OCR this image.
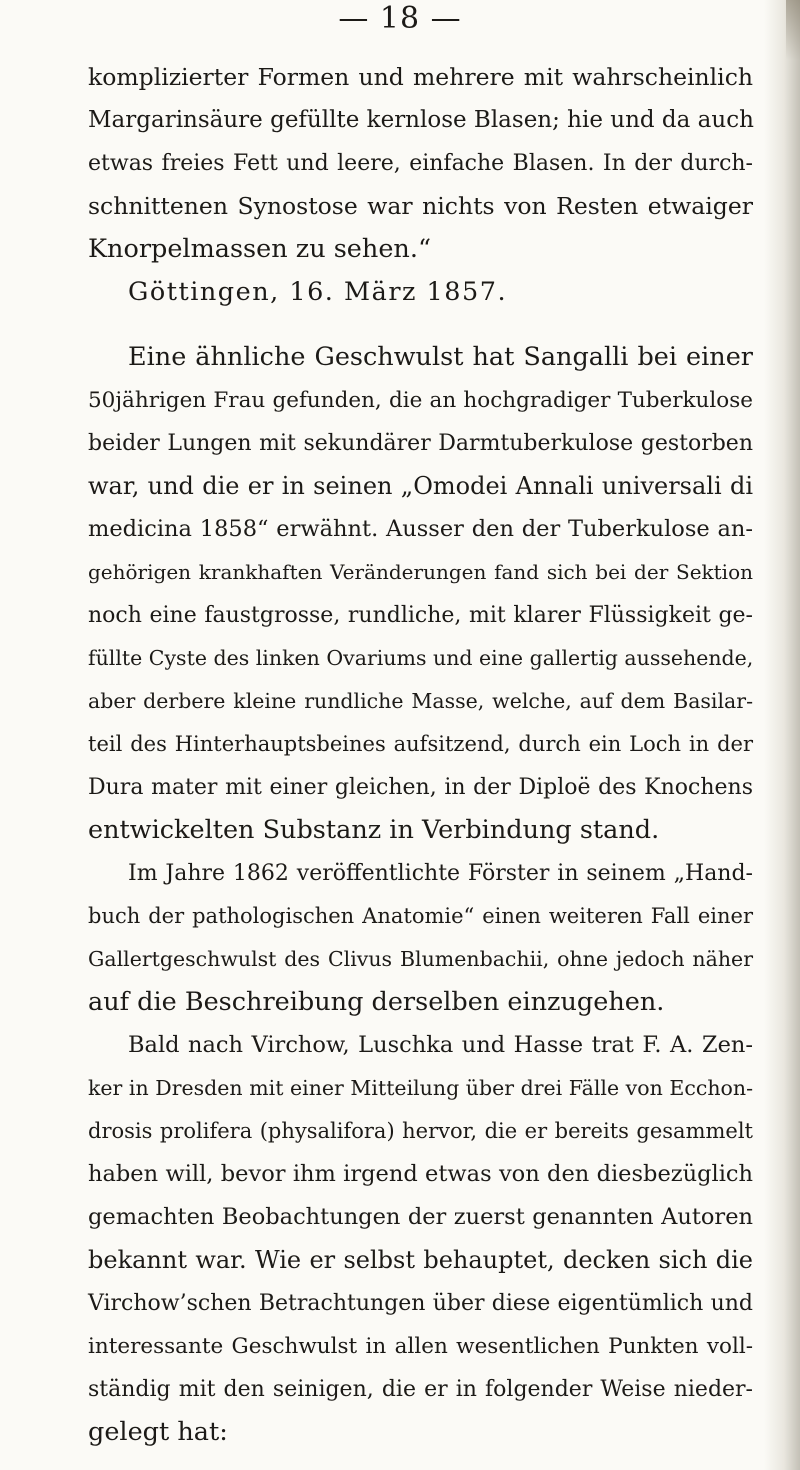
— 18 —
komplizierter Formen und mehrere mit wahrscheinlich
Margarinsäure gefüllte kernlose Blasen; hie und da auch
etwas freies Fett und leere, einfache Blasen. In der durch-
schnittenen Synostose war nichts von Resten etwaiger
Knorpelmassen zu sehen.“
Göttingen, 16. März 1857.
Eine ähnliche Geschwulst hat Sangalli bei einer
50jährigen Frau gefunden, die an hochgradiger Tuberkulose
beider Lungen mit sekundärer Darmtuberkulose gestorben
war, und die er in seinen „Omodei Annali universali di
medicina 1858“ erwähnt. Ausser den der Tuberkulose an-
gehörigen krankhaften Veränderungen fand sich bei der Sektion
noch eine faustgrosse, rundliche, mit klarer Flüssigkeit ge-
füllte Cyste des linken Ovariums und eine gallertig aussehende,
aber derbere kleine rundliche Masse, welche, auf dem Basilar-
teil des Hinterhauptsbeines aufsitzend, durch ein Loch in der
Dura mater mit einer gleichen, in der Diploë des Knochens
entwickelten Substanz in Verbindung stand.
Im Jahre 1862 veröffentlichte Förster in seinem „Hand-
buch der pathologischen Anatomie“ einen weiteren Fall einer
Gallertgeschwulst des Clivus Blumenbachii, ohne jedoch näher
auf die Beschreibung derselben einzugehen.
Bald nach Virchow, Luschka und Hasse trat F. A. Zen-
ker in Dresden mit einer Mitteilung über drei Fälle von Ecchon-
drosis prolifera (physalifora) hervor, die er bereits gesammelt
haben will, bevor ihm irgend etwas von den diesbezüglich
gemachten Beobachtungen der zuerst genannten Autoren
bekannt war. Wie er selbst behauptet, decken sich die
Virchow’schen Betrachtungen über diese eigentümlich und
interessante Geschwulst in allen wesentlichen Punkten voll-
ständig mit den seinigen, die er in folgender Weise nieder-
gelegt hat:
